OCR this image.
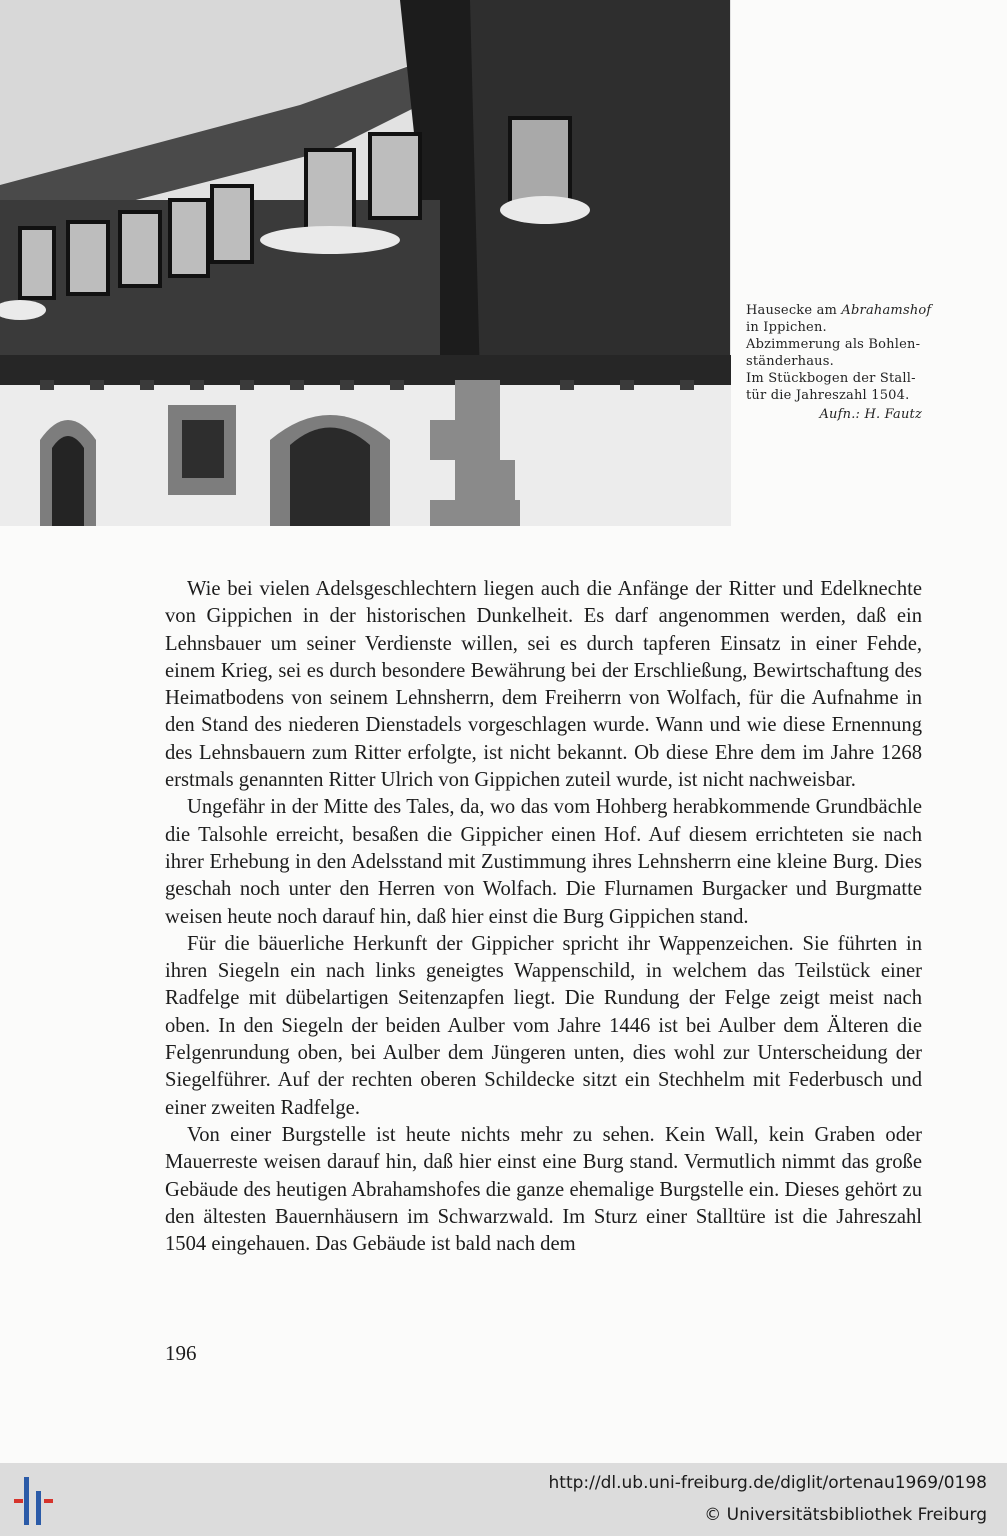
Hausecke am Abrahamshof
in Ippichen.
Abzimmerung als Bohlen-
ständerhaus.
Im Stückbogen der Stall-
tür die Jahreszahl 1504.
Aufn.: H. Fautz

Wie bei vielen Adelsgeschlechtern liegen auch die Anfänge der Ritter und Edelknechte von Gippichen in der historischen Dunkelheit. Es darf angenommen werden, daß ein Lehnsbauer um seiner Verdienste willen, sei es durch tapferen Einsatz in einer Fehde, einem Krieg, sei es durch besondere Bewährung bei der Erschließung, Bewirtschaftung des Heimatbodens von seinem Lehnsherrn, dem Freiherrn von Wolfach, für die Aufnahme in den Stand des niederen Dienstadels vorgeschlagen wurde. Wann und wie diese Ernennung des Lehnsbauern zum Ritter erfolgte, ist nicht bekannt. Ob diese Ehre dem im Jahre 1268 erstmals genannten Ritter Ulrich von Gippichen zuteil wurde, ist nicht nachweisbar.

Ungefähr in der Mitte des Tales, da, wo das vom Hohberg herabkommende Grundbächle die Talsohle erreicht, besaßen die Gippicher einen Hof. Auf diesem errichteten sie nach ihrer Erhebung in den Adelsstand mit Zustimmung ihres Lehnsherrn eine kleine Burg. Dies geschah noch unter den Herren von Wolfach. Die Flurnamen Burgacker und Burgmatte weisen heute noch darauf hin, daß hier einst die Burg Gippichen stand.

Für die bäuerliche Herkunft der Gippicher spricht ihr Wappenzeichen. Sie führten in ihren Siegeln ein nach links geneigtes Wappenschild, in welchem das Teilstück einer Radfelge mit dübelartigen Seitenzapfen liegt. Die Rundung der Felge zeigt meist nach oben. In den Siegeln der beiden Aulber vom Jahre 1446 ist bei Aulber dem Älteren die Felgenrundung oben, bei Aulber dem Jüngeren unten, dies wohl zur Unterscheidung der Siegelführer. Auf der rechten oberen Schildecke sitzt ein Stechhelm mit Federbusch und einer zweiten Radfelge.

Von einer Burgstelle ist heute nichts mehr zu sehen. Kein Wall, kein Graben oder Mauerreste weisen darauf hin, daß hier einst eine Burg stand. Vermutlich nimmt das große Gebäude des heutigen Abrahamshofes die ganze ehemalige Burgstelle ein. Dieses gehört zu den ältesten Bauernhäusern im Schwarzwald. Im Sturz einer Stalltüre ist die Jahreszahl 1504 eingehauen. Das Gebäude ist bald nach dem

196
http://dl.ub.uni-freiburg.de/diglit/ortenau1969/0198
© Universitätsbibliothek Freiburg
